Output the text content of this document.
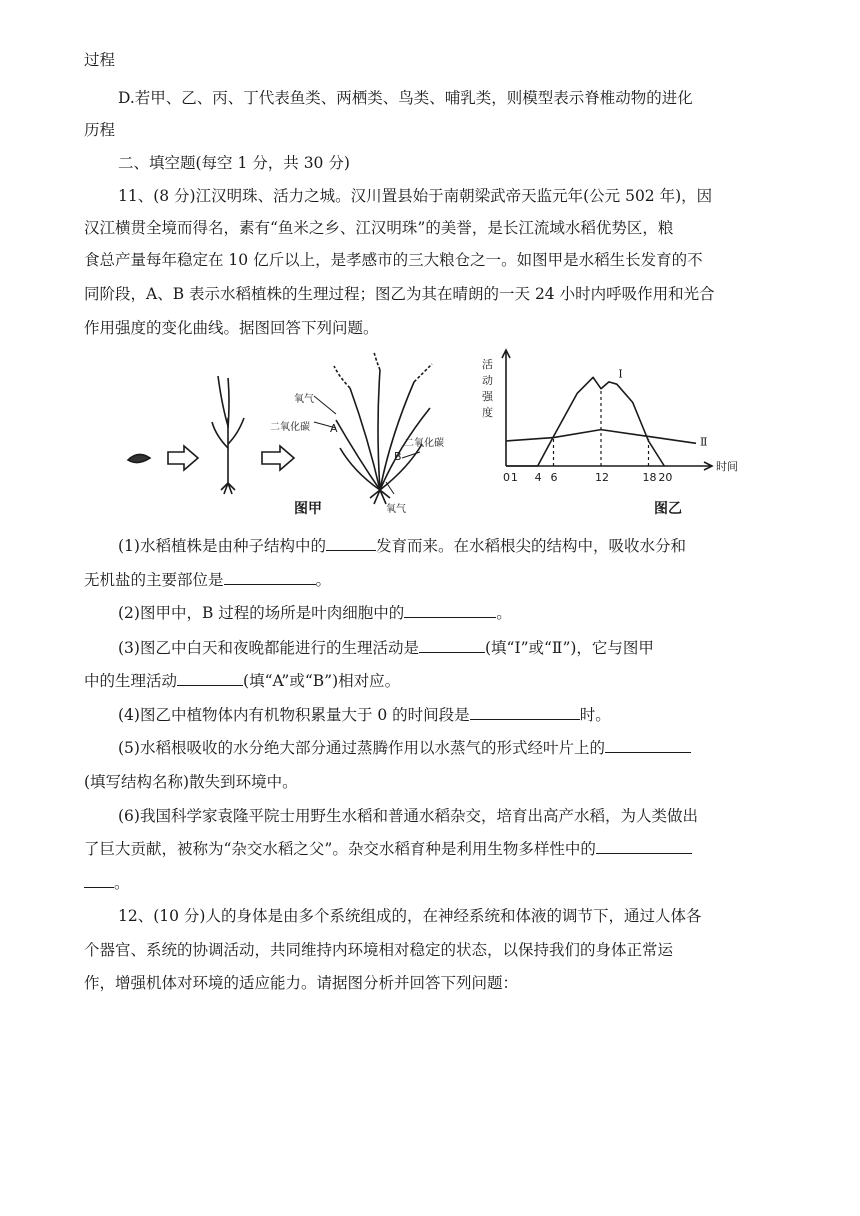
过程
D.若甲、乙、丙、丁代表鱼类、两栖类、鸟类、哺乳类，则模型表示脊椎动物的进化
历程
二、填空题(每空 1 分，共 30 分)
11、(8 分)江汉明珠、活力之城。汉川置县始于南朝梁武帝天监元年(公元 502 年)，因
汉江横贯全境而得名，素有“鱼米之乡、江汉明珠”的美誉，是长江流域水稻优势区，粮
食总产量每年稳定在 10 亿斤以上，是孝感市的三大粮仓之一。如图甲是水稻生长发育的不
同阶段，A、B 表示水稻植株的生理过程；图乙为其在晴朗的一天 24 小时内呼吸作用和光合
作用强度的变化曲线。据图回答下列问题。
氧气
二氧化碳 A
B
二氧化碳
氧气
活
动
强
度
时间
0 1 4 6	12	18 20
Ⅰ
Ⅱ
图甲	图乙
(1)水稻植株是由种子结构中的	发育而来。在水稻根尖的结构中，吸收水分和
无机盐的主要部位是	。
(2)图甲中，B 过程的场所是叶肉细胞中的	。
(3)图乙中白天和夜晚都能进行的生理活动是	(填“Ⅰ”或“Ⅱ”)，它与图甲
中的生理活动	(填“A”或“B”)相对应。
(4)图乙中植物体内有机物积累量大于 0 的时间段是	时。
(5)水稻根吸收的水分绝大部分通过蒸腾作用以水蒸气的形式经叶片上的
(填写结构名称)散失到环境中。
(6)我国科学家袁隆平院士用野生水稻和普通水稻杂交，培育出高产水稻，为人类做出
了巨大贡献，被称为“杂交水稻之父”。杂交水稻育种是利用生物多样性中的
。
12、(10 分)人的身体是由多个系统组成的，在神经系统和体液的调节下，通过人体各
个器官、系统的协调活动，共同维持内环境相对稳定的状态，以保持我们的身体正常运
作，增强机体对环境的适应能力。请据图分析并回答下列问题：
